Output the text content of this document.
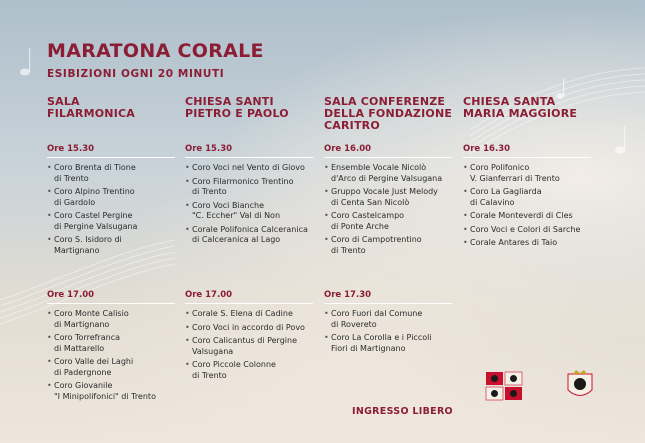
MARATONA CORALE
ESIBIZIONI OGNI 20 MINUTI
SALA
FILARMONICA
Ore 15.30
• Coro Brenta di Tione
di Trento
• Coro Alpino Trentino
di Gardolo
• Coro Castel Pergine
di Pergine Valsugana
• Coro S. Isidoro di
Martignano
Ore 17.00
• Coro Monte Calisio
di Martignano
• Coro Torrefranca
di Mattarello
• Coro Valle dei Laghi
di Padergnone
• Coro Giovanile
"I Minipolifonici" di Trento
CHIESA SANTI
PIETRO E PAOLO
Ore 15.30
• Coro Voci nel Vento di Giovo
• Coro Filarmonico Trentino
di Trento
• Coro Voci Bianche
"C. Eccher" Val di Non
• Corale Polifonica Calceranica
di Calceranica al Lago
Ore 17.00
• Corale S. Elena di Cadine
• Coro Voci in accordo di Povo
• Coro Calicantus di Pergine
Valsugana
• Coro Piccole Colonne
di Trento
SALA CONFERENZE
DELLA FONDAZIONE
CARITRO
Ore 16.00
• Ensemble Vocale Nicolò
d'Arco di Pergine Valsugana
• Gruppo Vocale Just Melody
di Centa San Nicolò
• Coro Castelcampo
di Ponte Arche
• Coro di Campotrentino
di Trento
Ore 17.30
• Coro Fuori dal Comune
di Rovereto
• Coro La Corolla e i Piccoli
Fiori di Martignano
CHIESA SANTA
MARIA MAGGIORE
Ore 16.30
• Coro Polifonico
V. Gianferrari di Trento
• Coro La Gagliarda
di Calavino
• Corale Monteverdi di Cles
• Coro Voci e Colori di Sarche
• Corale Antares di Taio
INGRESSO LIBERO
